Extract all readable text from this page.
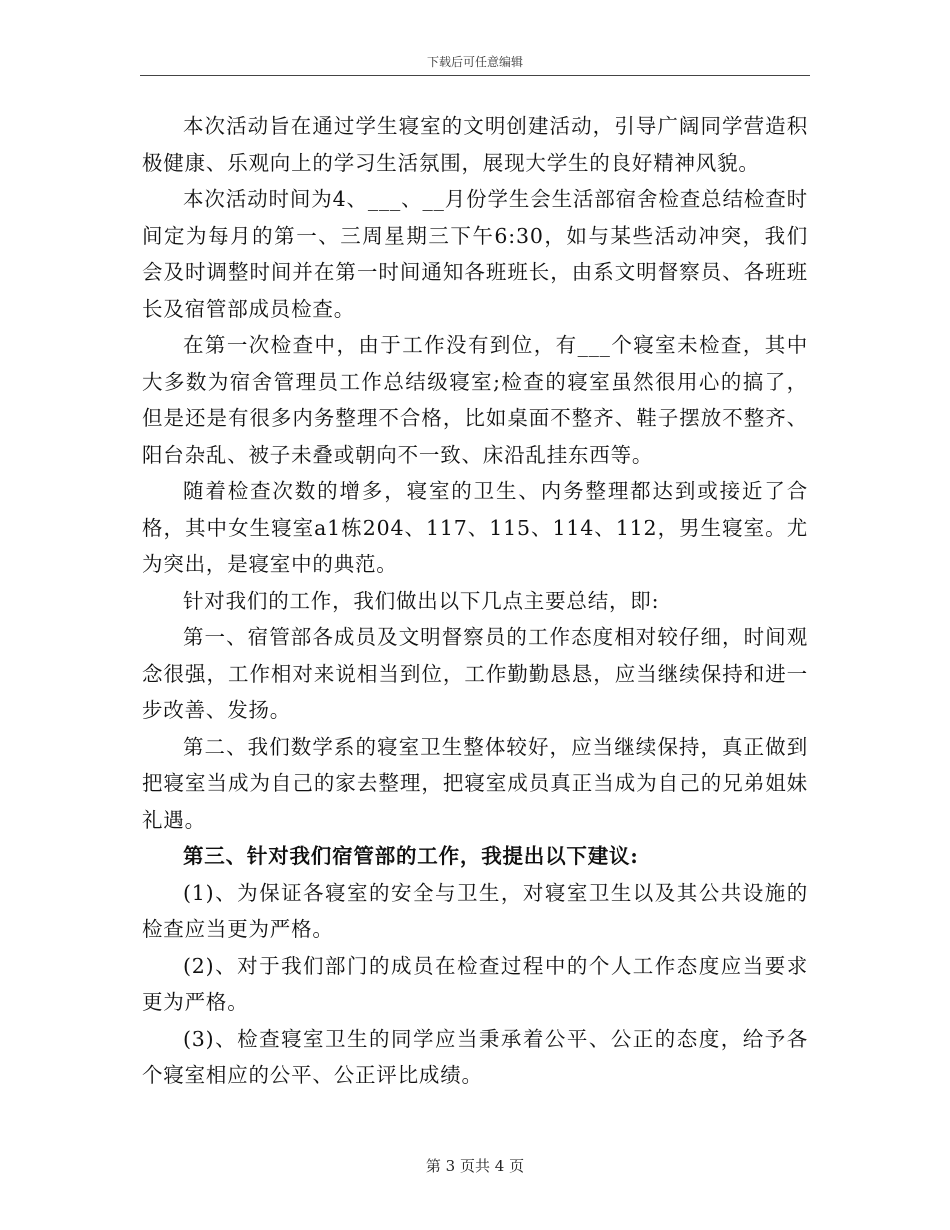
下载后可任意编辑

本次活动旨在通过学生寝室的文明创建活动，引导广阔同学营造积极健康、乐观向上的学习生活氛围，展现大学生的良好精神风貌。

本次活动时间为4、___、__月份学生会生活部宿舍检查总结检查时间定为每月的第一、三周星期三下午6:30，如与某些活动冲突，我们会及时调整时间并在第一时间通知各班班长，由系文明督察员、各班班长及宿管部成员检查。

在第一次检查中，由于工作没有到位，有___个寝室未检查，其中大多数为宿舍管理员工作总结级寝室;检查的寝室虽然很用心的搞了，但是还是有很多内务整理不合格，比如桌面不整齐、鞋子摆放不整齐、阳台杂乱、被子未叠或朝向不一致、床沿乱挂东西等。

随着检查次数的增多，寝室的卫生、内务整理都达到或接近了合格，其中女生寝室a1栋204、117、115、114、112，男生寝室。尤为突出，是寝室中的典范。

针对我们的工作，我们做出以下几点主要总结，即:

第一、宿管部各成员及文明督察员的工作态度相对较仔细，时间观念很强，工作相对来说相当到位，工作勤勤恳恳，应当继续保持和进一步改善、发扬。

第二、我们数学系的寝室卫生整体较好，应当继续保持，真正做到把寝室当成为自己的家去整理，把寝室成员真正当成为自己的兄弟姐妹礼遇。

第三、针对我们宿管部的工作，我提出以下建议:

(1)、为保证各寝室的安全与卫生，对寝室卫生以及其公共设施的检查应当更为严格。

(2)、对于我们部门的成员在检查过程中的个人工作态度应当要求更为严格。

(3)、检查寝室卫生的同学应当秉承着公平、公正的态度，给予各个寝室相应的公平、公正评比成绩。

第 3 页共 4 页
